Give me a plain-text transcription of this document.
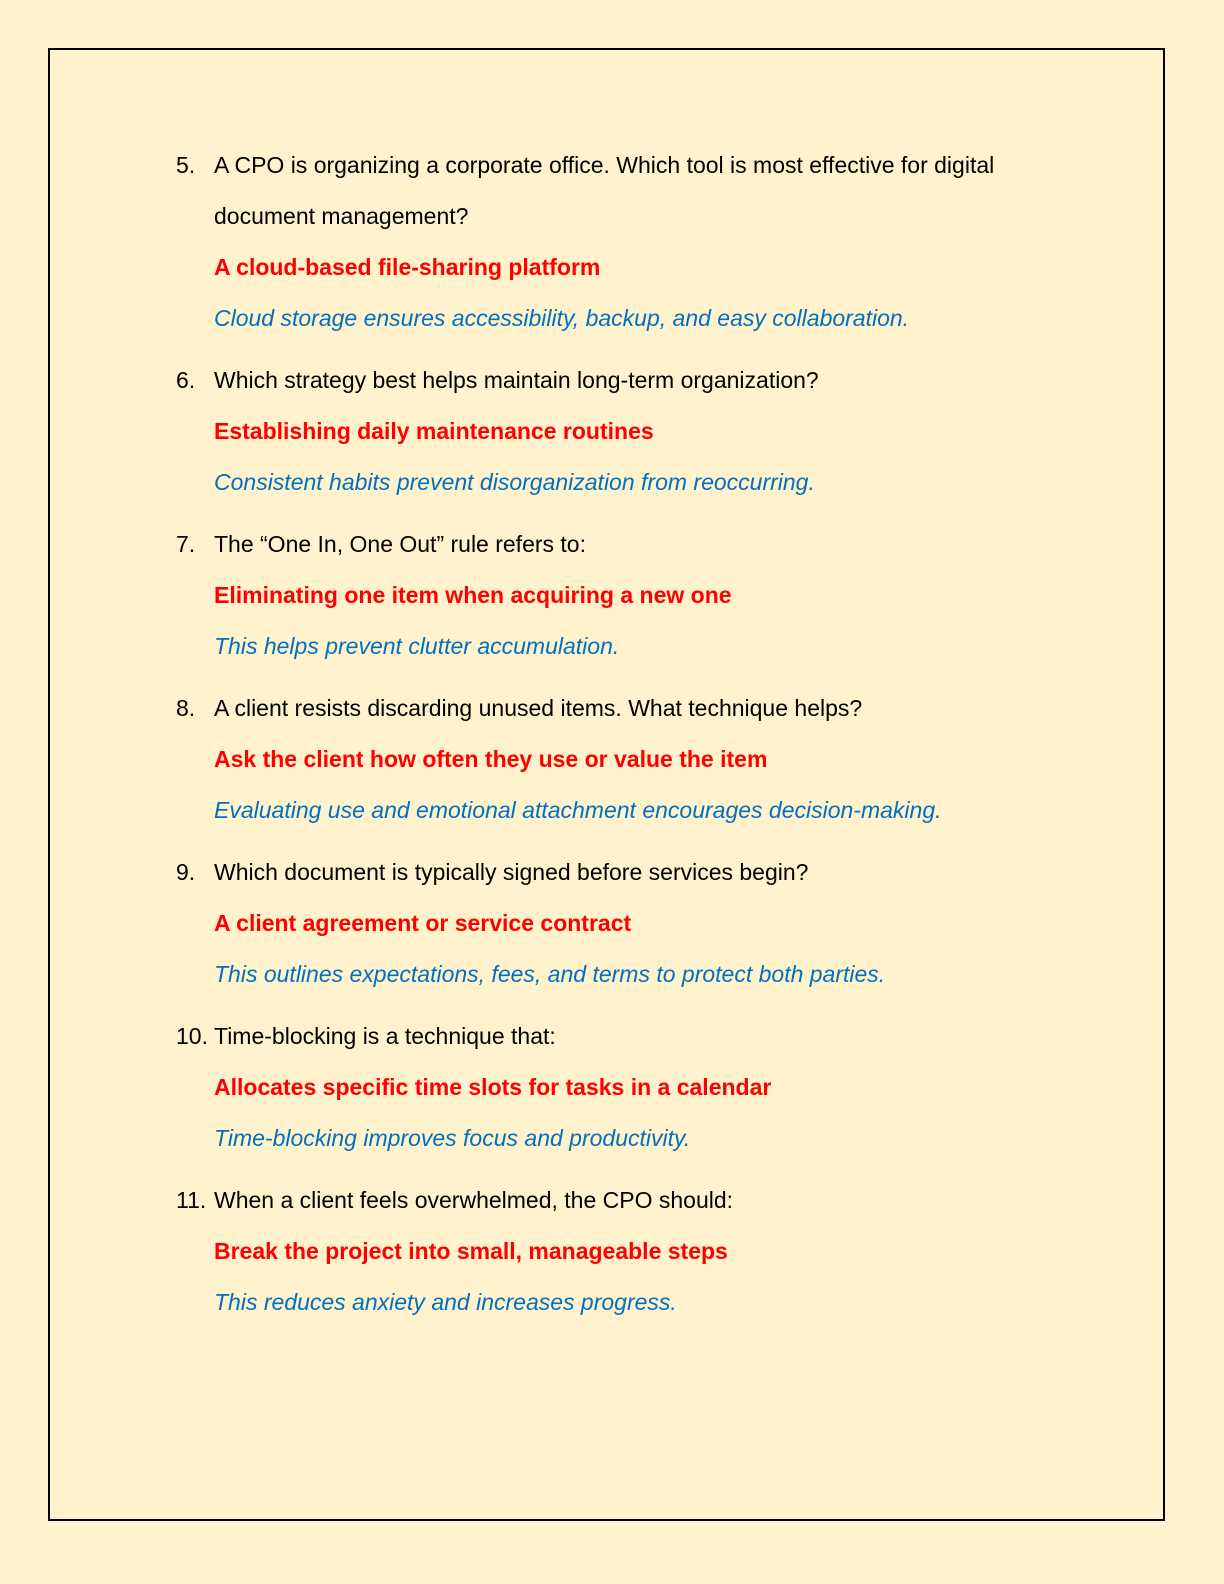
5. A CPO is organizing a corporate office. Which tool is most effective for digital document management?
A cloud-based file-sharing platform
Cloud storage ensures accessibility, backup, and easy collaboration.
6. Which strategy best helps maintain long-term organization?
Establishing daily maintenance routines
Consistent habits prevent disorganization from reoccurring.
7. The “One In, One Out” rule refers to:
Eliminating one item when acquiring a new one
This helps prevent clutter accumulation.
8. A client resists discarding unused items. What technique helps?
Ask the client how often they use or value the item
Evaluating use and emotional attachment encourages decision-making.
9. Which document is typically signed before services begin?
A client agreement or service contract
This outlines expectations, fees, and terms to protect both parties.
10. Time-blocking is a technique that:
Allocates specific time slots for tasks in a calendar
Time-blocking improves focus and productivity.
11. When a client feels overwhelmed, the CPO should:
Break the project into small, manageable steps
This reduces anxiety and increases progress.
